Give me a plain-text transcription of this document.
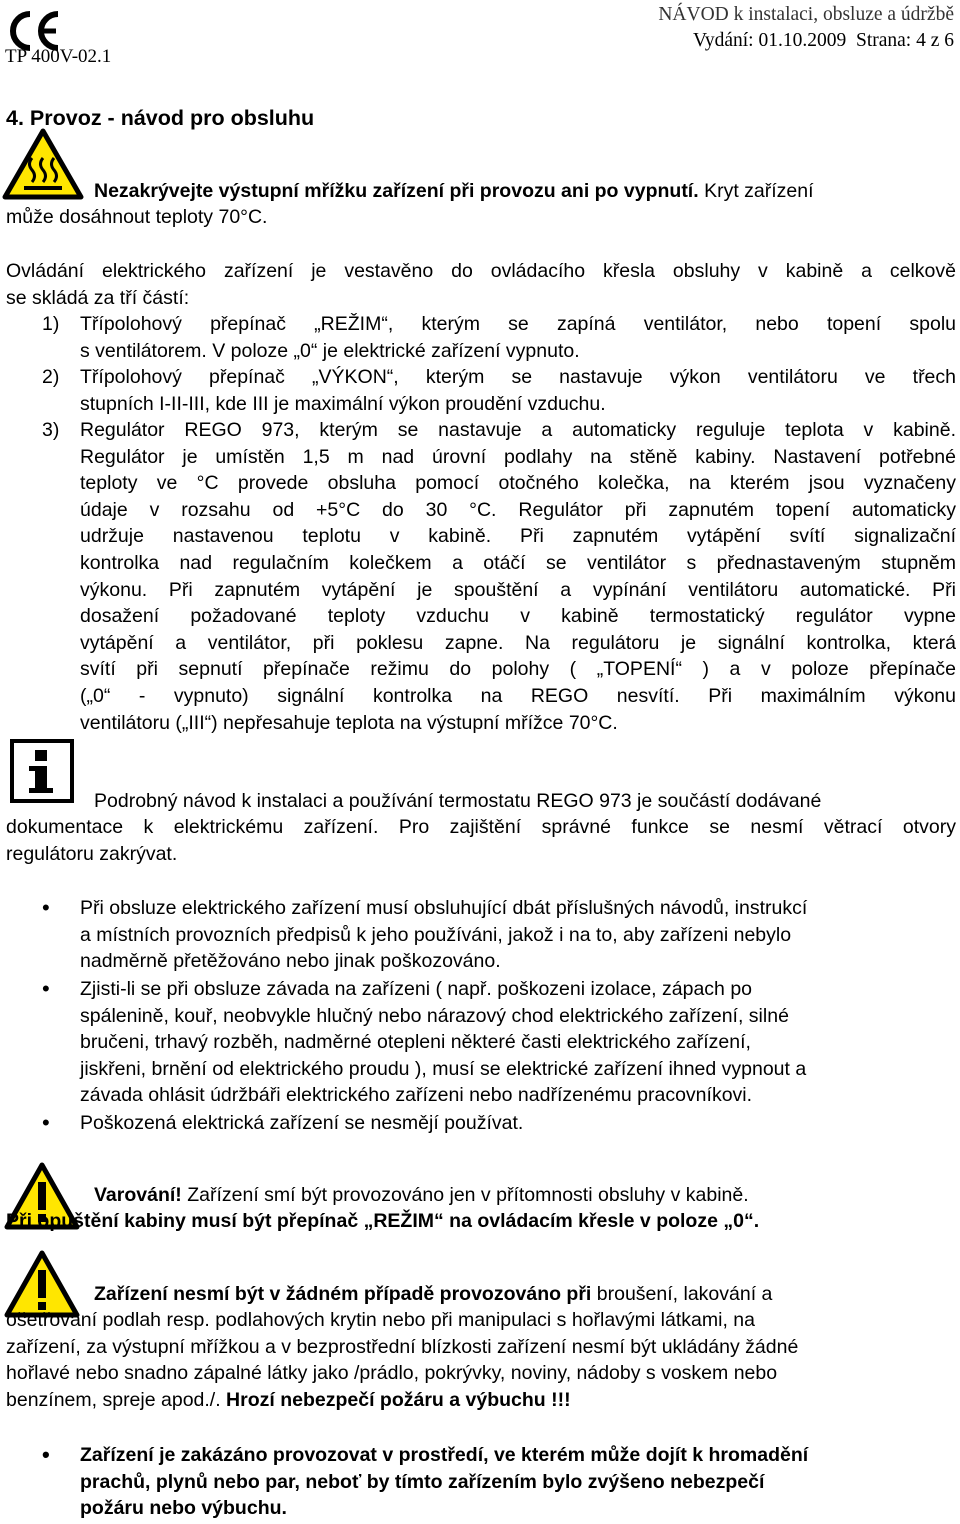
TP 400V-02.1
NÁVOD k instalaci, obsluze a údržbě
Vydání: 01.10.2009 Strana: 4 z 6
4. Provoz - návod pro obsluhu
Nezakrývejte výstupní mřížku zařízení při provozu ani po vypnutí. Kryt zařízení
může dosáhnout teploty 70°C.
Ovládání elektrického zařízení je vestavěno do ovládacího křesla obsluhy v kabině a celkově
se skládá za tří částí:
1) Třípolohový přepínač „REŽIM“, kterým se zapíná ventilátor, nebo topení spolu
s ventilátorem. V poloze „0“ je elektrické zařízení vypnuto.
2) Třípolohový přepínač „VÝKON“, kterým se nastavuje výkon ventilátoru ve třech
stupních I-II-III, kde III je maximální výkon proudění vzduchu.
3) Regulátor REGO 973, kterým se nastavuje a automaticky reguluje teplota v kabině.
Regulátor je umístěn 1,5 m nad úrovní podlahy na stěně kabiny. Nastavení potřebné
teploty ve °C provede obsluha pomocí otočného kolečka, na kterém jsou vyznačeny
údaje v rozsahu od +5°C do 30 °C. Regulátor při zapnutém topení automaticky
udržuje nastavenou teplotu v kabině. Při zapnutém vytápění svítí signalizační
kontrolka nad regulačním kolečkem a otáčí se ventilátor s přednastaveným stupněm
výkonu. Při zapnutém vytápění je spouštění a vypínání ventilátoru automatické. Při
dosažení požadované teploty vzduchu v kabině termostatický regulátor vypne
vytápění a ventilátor, při poklesu zapne. Na regulátoru je signální kontrolka, která
svítí při sepnutí přepínače režimu do polohy ( „TOPENÍ“ ) a v poloze přepínače
(„0“ - vypnuto) signální kontrolka na REGO nesvítí. Při maximálním výkonu
ventilátoru („III“) nepřesahuje teplota na výstupní mřížce 70°C.
Podrobný návod k instalaci a používání termostatu REGO 973 je součástí dodávané
dokumentace k elektrickému zařízení. Pro zajištění správné funkce se nesmí větrací otvory
regulátoru zakrývat.
• Při obsluze elektrického zařízení musí obsluhující dbát příslušných návodů, instrukcí
a místních provozních předpisů k jeho používáni, jakož i na to, aby zařízeni nebylo
nadměrně přetěžováno nebo jinak poškozováno.
• Zjisti-li se při obsluze závada na zařízeni ( např. poškozeni izolace, zápach po
spálenině, kouř, neobvykle hlučný nebo nárazový chod elektrického zařízení, silné
bručeni, trhavý rozběh, nadměrné otepleni některé časti elektrického zařízení,
jiskřeni, brnění od elektrického proudu ), musí se elektrické zařízení ihned vypnout a
závada ohlásit údržbáři elektrického zařízeni nebo nadřízenému pracovníkovi.
• Poškozená elektrická zařízení se nesmějí používat.
Varování! Zařízení smí být provozováno jen v přítomnosti obsluhy v kabině.
Při opuštění kabiny musí být přepínač „REŽIM“ na ovládacím křesle v poloze „0“.
Zařízení nesmí být v žádném případě provozováno při broušení, lakování a
ošetřování podlah resp. podlahových krytin nebo při manipulaci s hořlavými látkami, na
zařízení, za výstupní mřížkou a v bezprostřední blízkosti zařízení nesmí být ukládány žádné
hořlavé nebo snadno zápalné látky jako /prádlo, pokrývky, noviny, nádoby s voskem nebo
benzínem, spreje apod./. Hrozí nebezpečí požáru a výbuchu !!!
• Zařízení je zakázáno provozovat v prostředí, ve kterém může dojít k hromadění
prachů, plynů nebo par, neboť by tímto zařízením bylo zvýšeno nebezpečí
požáru nebo výbuchu.
